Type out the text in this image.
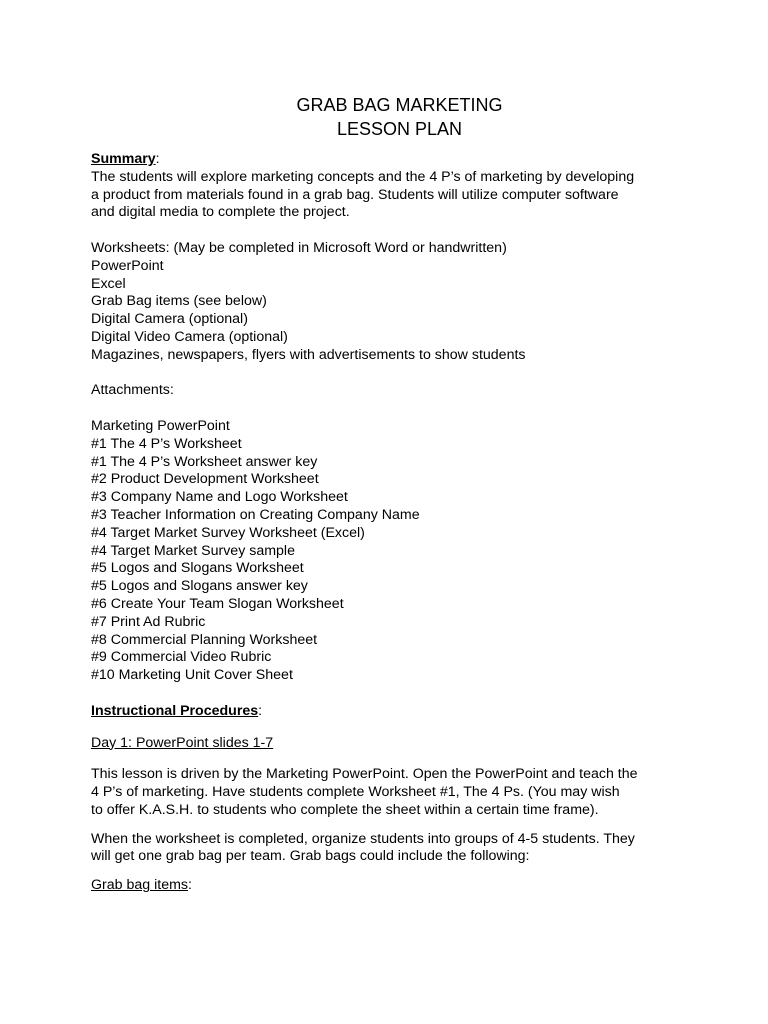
GRAB BAG MARKETING
LESSON PLAN
Summary:
The students will explore marketing concepts and the 4 P’s of marketing by developing
a product from materials found in a grab bag. Students will utilize computer software
and digital media to complete the project.
Worksheets: (May be completed in Microsoft Word or handwritten)
PowerPoint
Excel
Grab Bag items (see below)
Digital Camera (optional)
Digital Video Camera (optional)
Magazines, newspapers, flyers with advertisements to show students
Attachments:
Marketing PowerPoint
#1 The 4 P’s Worksheet
#1 The 4 P’s Worksheet answer key
#2 Product Development Worksheet
#3 Company Name and Logo Worksheet
#3 Teacher Information on Creating Company Name
#4 Target Market Survey Worksheet (Excel)
#4 Target Market Survey sample
#5 Logos and Slogans Worksheet
#5 Logos and Slogans answer key
#6 Create Your Team Slogan Worksheet
#7 Print Ad Rubric
#8 Commercial Planning Worksheet
#9 Commercial Video Rubric
#10 Marketing Unit Cover Sheet
Instructional Procedures:
Day 1: PowerPoint slides 1-7
This lesson is driven by the Marketing PowerPoint. Open the PowerPoint and teach the
4 P’s of marketing. Have students complete Worksheet #1, The 4 Ps. (You may wish
to offer K.A.S.H. to students who complete the sheet within a certain time frame).
When the worksheet is completed, organize students into groups of 4-5 students. They
will get one grab bag per team. Grab bags could include the following:
Grab bag items:
